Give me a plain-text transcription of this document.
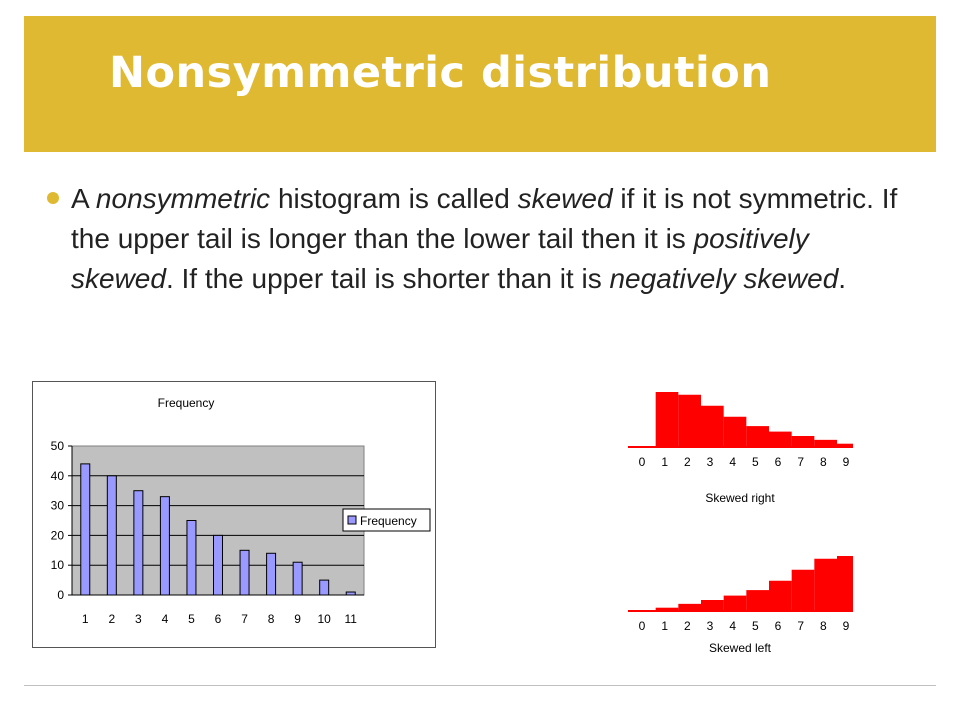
Nonsymmetric distribution
A nonsymmetric histogram is called skewed if it is not symmetric. If the upper tail is longer than the lower tail then it is positively skewed. If the upper tail is shorter than it is negatively skewed.
Frequency
0
10
20
30
40
50
1 2 3 4 5 6 7 8 9 10 11
Frequency
0 1 2 3 4 5 6 7 8 9
Skewed right
0 1 2 3 4 5 6 7 8 9
Skewed left
